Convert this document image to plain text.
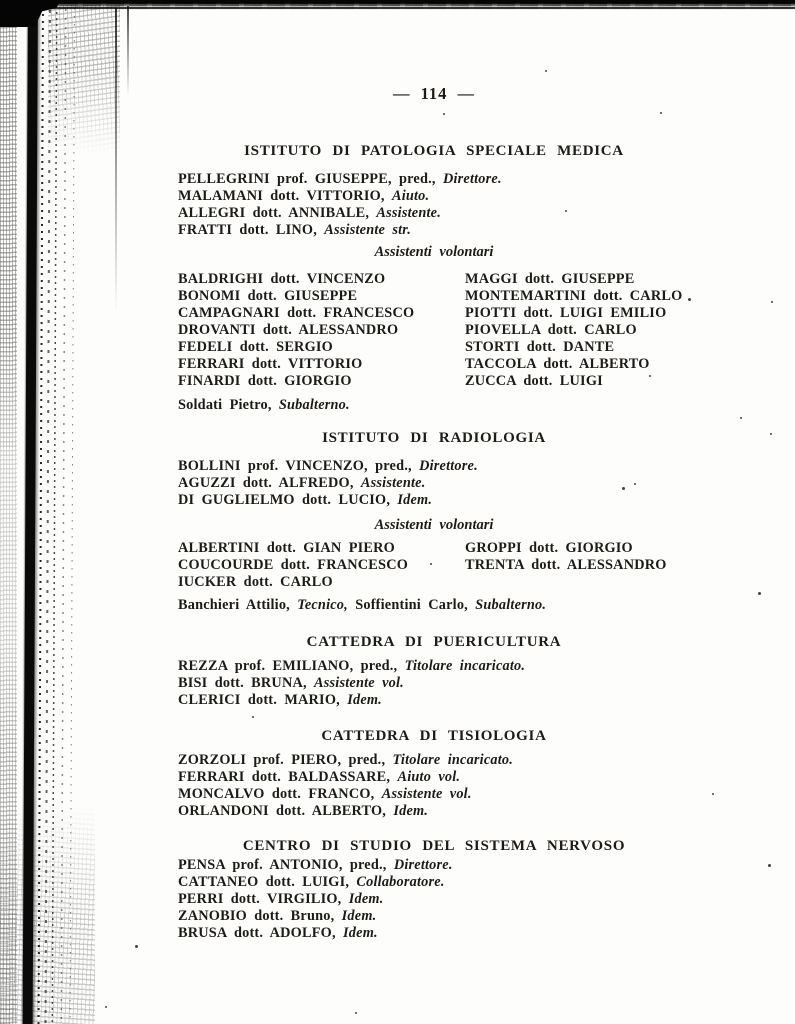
— 114 —
ISTITUTO DI PATOLOGIA SPECIALE MEDICA
PELLEGRINI prof. GIUSEPPE, pred., Direttore.
MALAMANI dott. VITTORIO, Aiuto.
ALLEGRI dott. ANNIBALE, Assistente.
FRATTI dott. LINO, Assistente str.
Assistenti volontari
BALDRIGHI dott. VINCENZO
BONOMI dott. GIUSEPPE
CAMPAGNARI dott. FRANCESCO
DROVANTI dott. ALESSANDRO
FEDELI dott. SERGIO
FERRARI dott. VITTORIO
FINARDI dott. GIORGIO
MAGGI dott. GIUSEPPE
MONTEMARTINI dott. CARLO
PIOTTI dott. LUIGI EMILIO
PIOVELLA dott. CARLO
STORTI dott. DANTE
TACCOLA dott. ALBERTO
ZUCCA dott. LUIGI
Soldati Pietro, Subalterno.
ISTITUTO DI RADIOLOGIA
BOLLINI prof. VINCENZO, pred., Direttore.
AGUZZI dott. ALFREDO, Assistente.
DI GUGLIELMO dott. LUCIO, Idem.
Assistenti volontari
ALBERTINI dott. GIAN PIERO
COUCOURDE dott. FRANCESCO
IUCKER dott. CARLO
GROPPI dott. GIORGIO
TRENTA dott. ALESSANDRO
Banchieri Attilio, Tecnico, Soffientini Carlo, Subalterno.
CATTEDRA DI PUERICULTURA
REZZA prof. EMILIANO, pred., Titolare incaricato.
BISI dott. BRUNA, Assistente vol.
CLERICI dott. MARIO, Idem.
CATTEDRA DI TISIOLOGIA
ZORZOLI prof. PIERO, pred., Titolare incaricato.
FERRARI dott. BALDASSARE, Aiuto vol.
MONCALVO dott. FRANCO, Assistente vol.
ORLANDONI dott. ALBERTO, Idem.
CENTRO DI STUDIO DEL SISTEMA NERVOSO
PENSA prof. ANTONIO, pred., Direttore.
CATTANEO dott. LUIGI, Collaboratore.
PERRI dott. VIRGILIO, Idem.
ZANOBIO dott. Bruno, Idem.
BRUSA dott. ADOLFO, Idem.
